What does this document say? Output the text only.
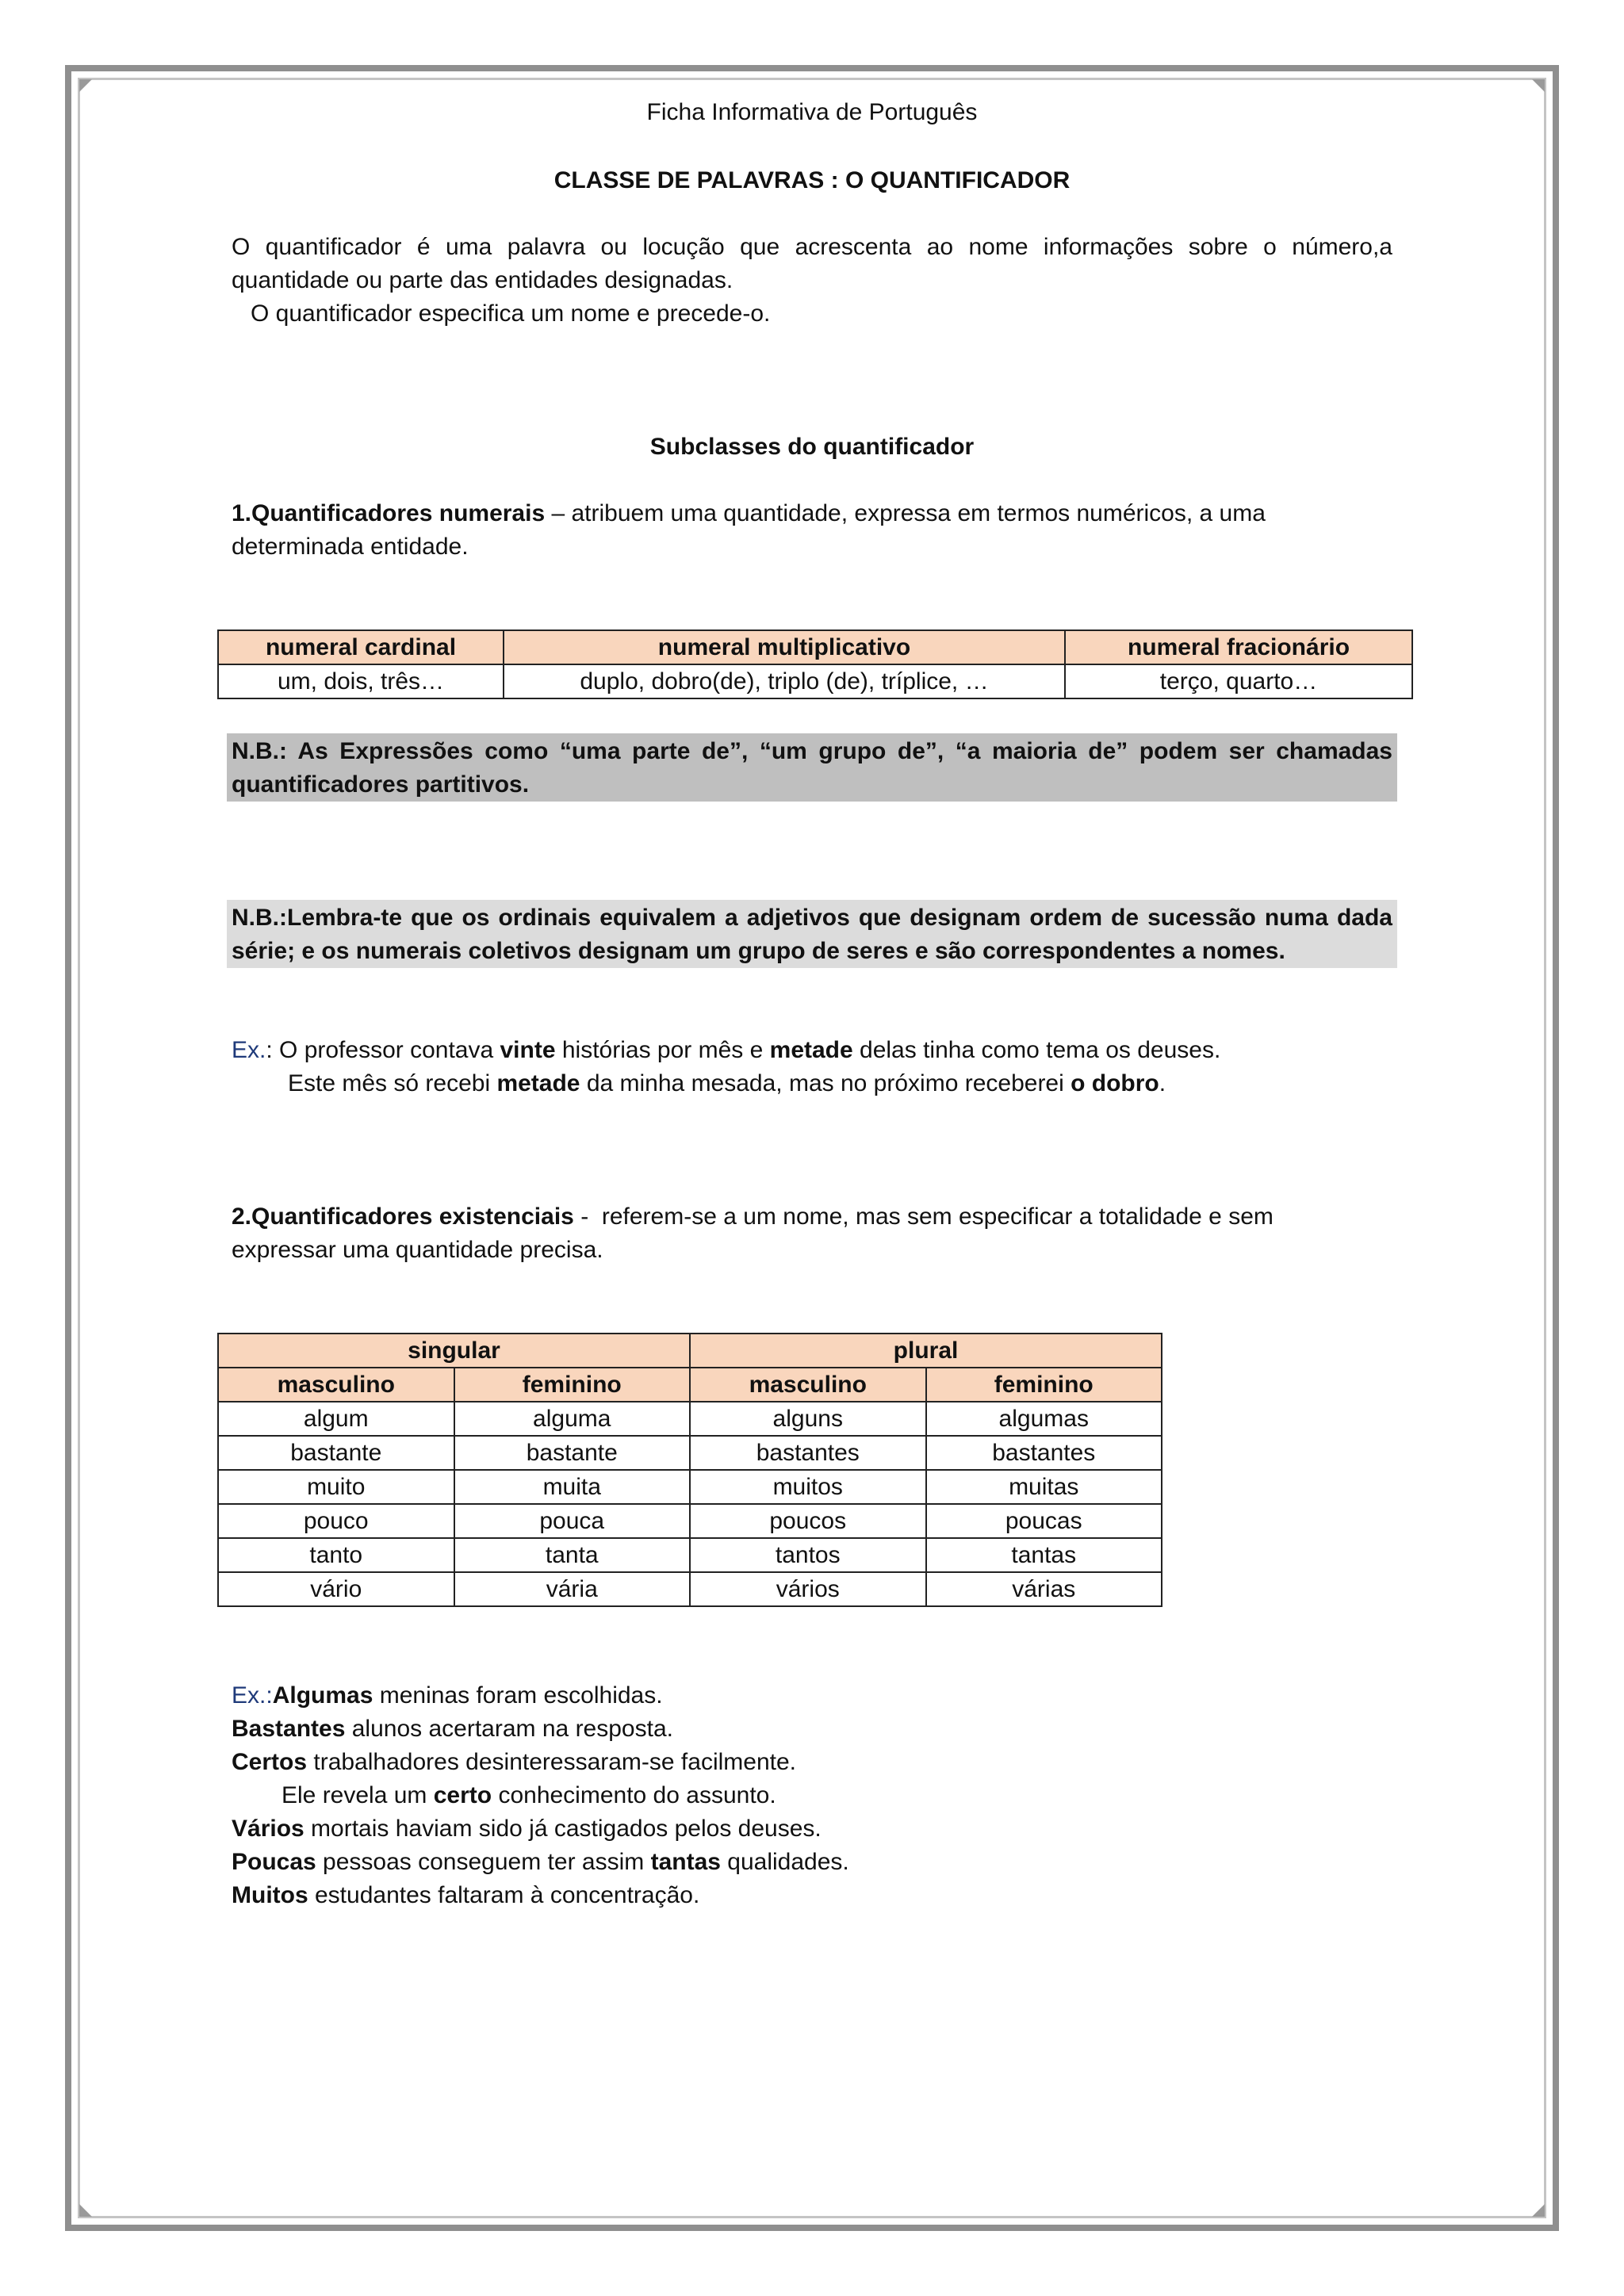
Ficha Informativa de Português
CLASSE DE PALAVRAS : O QUANTIFICADOR
O quantificador é uma palavra ou locução que acrescenta ao nome informações sobre o número,a
quantidade ou parte das entidades designadas.
O quantificador especifica um nome e precede-o.
Subclasses do quantificador
1.Quantificadores numerais – atribuem uma quantidade, expressa em termos numéricos, a uma
determinada entidade.
numeral cardinal	numeral multiplicativo	numeral fracionário
um, dois, três…	duplo, dobro(de), triplo (de), tríplice, …	terço, quarto…
N.B.: As Expressões como “uma parte de”, “um grupo de”, “a maioria de” podem ser chamadas
quantificadores partitivos.
N.B.:Lembra-te que os ordinais equivalem a adjetivos que designam ordem de sucessão numa dada
série; e os numerais coletivos designam um grupo de seres e são correspondentes a nomes.
Ex.: O professor contava vinte histórias por mês e metade delas tinha como tema os deuses.
Este mês só recebi metade da minha mesada, mas no próximo receberei o dobro.
2.Quantificadores existenciais -  referem-se a um nome, mas sem especificar a totalidade e sem
expressar uma quantidade precisa.
singular		plural	
masculino	feminino	masculino	feminino
algum	alguma	alguns	algumas
bastante	bastante	bastantes	bastantes
muito	muita	muitos	muitas
pouco	pouca	poucos	poucas
tanto	tanta	tantos	tantas
vário	vária	vários	várias
Ex.:Algumas meninas foram escolhidas.
Bastantes alunos acertaram na resposta.
Certos trabalhadores desinteressaram-se facilmente.
Ele revela um certo conhecimento do assunto.
Vários mortais haviam sido já castigados pelos deuses.
Poucas pessoas conseguem ter assim tantas qualidades.
Muitos estudantes faltaram à concentração.
